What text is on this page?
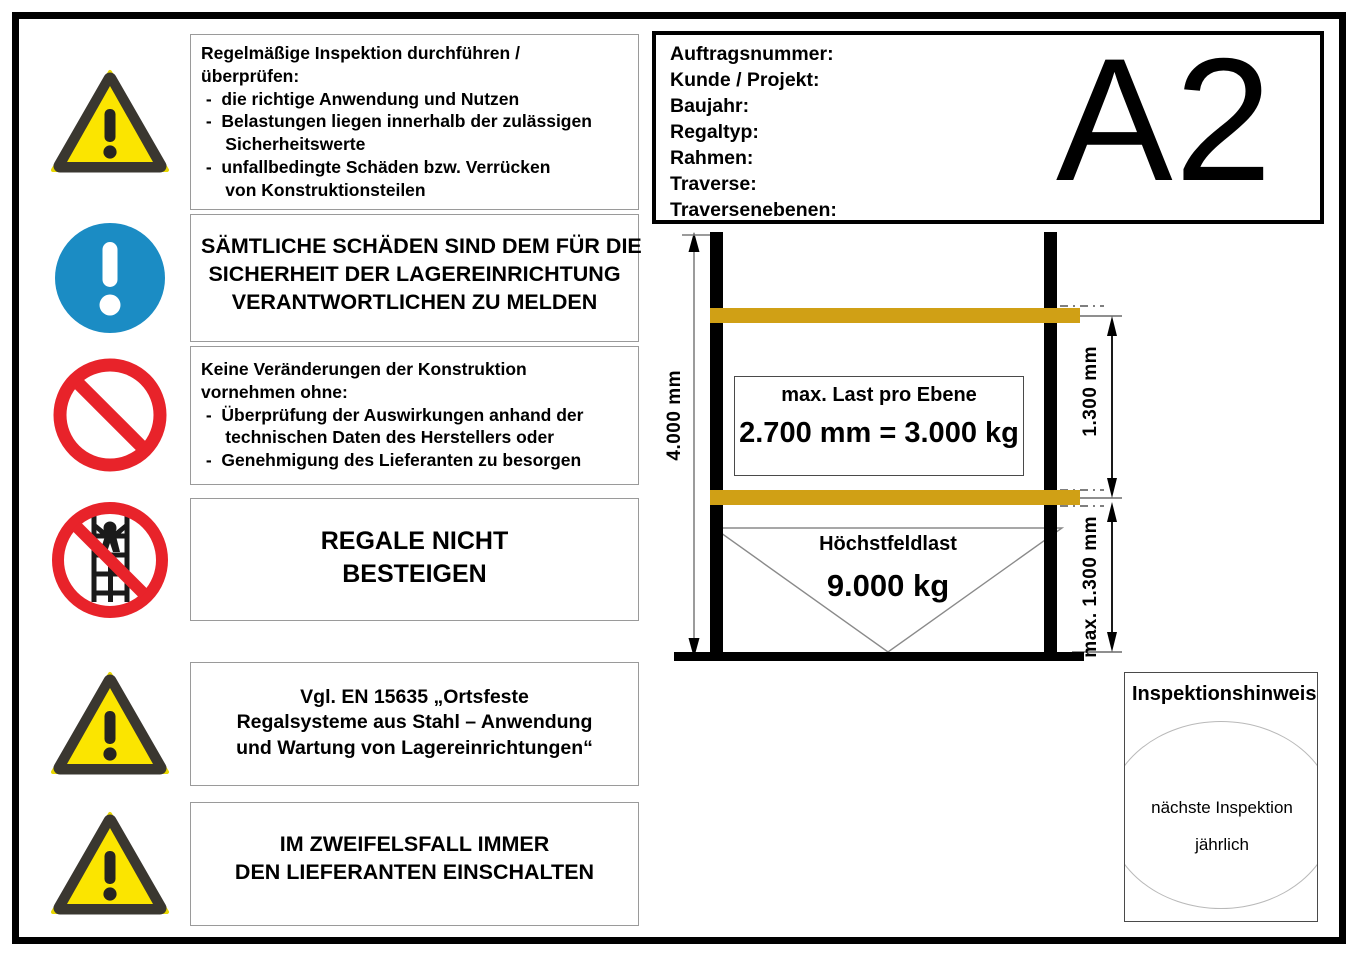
Regelmäßige Inspektion durchführen /
überprüfen:
-  die richtige Anwendung und Nutzen
-  Belastungen liegen innerhalb der zulässigen
Sicherheitswerte
-  unfallbedingte Schäden bzw. Verrücken
von Konstruktionsteilen
SÄMTLICHE SCHÄDEN SIND DEM FÜR DIE
SICHERHEIT DER LAGEREINRICHTUNG
VERANTWORTLICHEN ZU MELDEN
Keine Veränderungen der Konstruktion
vornehmen ohne:
-  Überprüfung der Auswirkungen anhand der
technischen Daten des Herstellers oder
-  Genehmigung des Lieferanten zu besorgen
REGALE NICHT
BESTEIGEN
Vgl. EN 15635 „Ortsfeste
Regalsysteme aus Stahl – Anwendung
und Wartung von Lagereinrichtungen“
IM ZWEIFELSFALL IMMER
DEN LIEFERANTEN EINSCHALTEN
Auftragsnummer:
Kunde / Projekt:
Baujahr:
Regaltyp:
Rahmen:
Traverse:
Traversenebenen: A2
4.000 mm	1.300 mm
max. 1.300 mm
max. Last pro Ebene
2.700 mm = 3.000 kg
Höchstfeldlast
9.000 kg
Inspektionshinweis
nächste Inspektion
jährlich
